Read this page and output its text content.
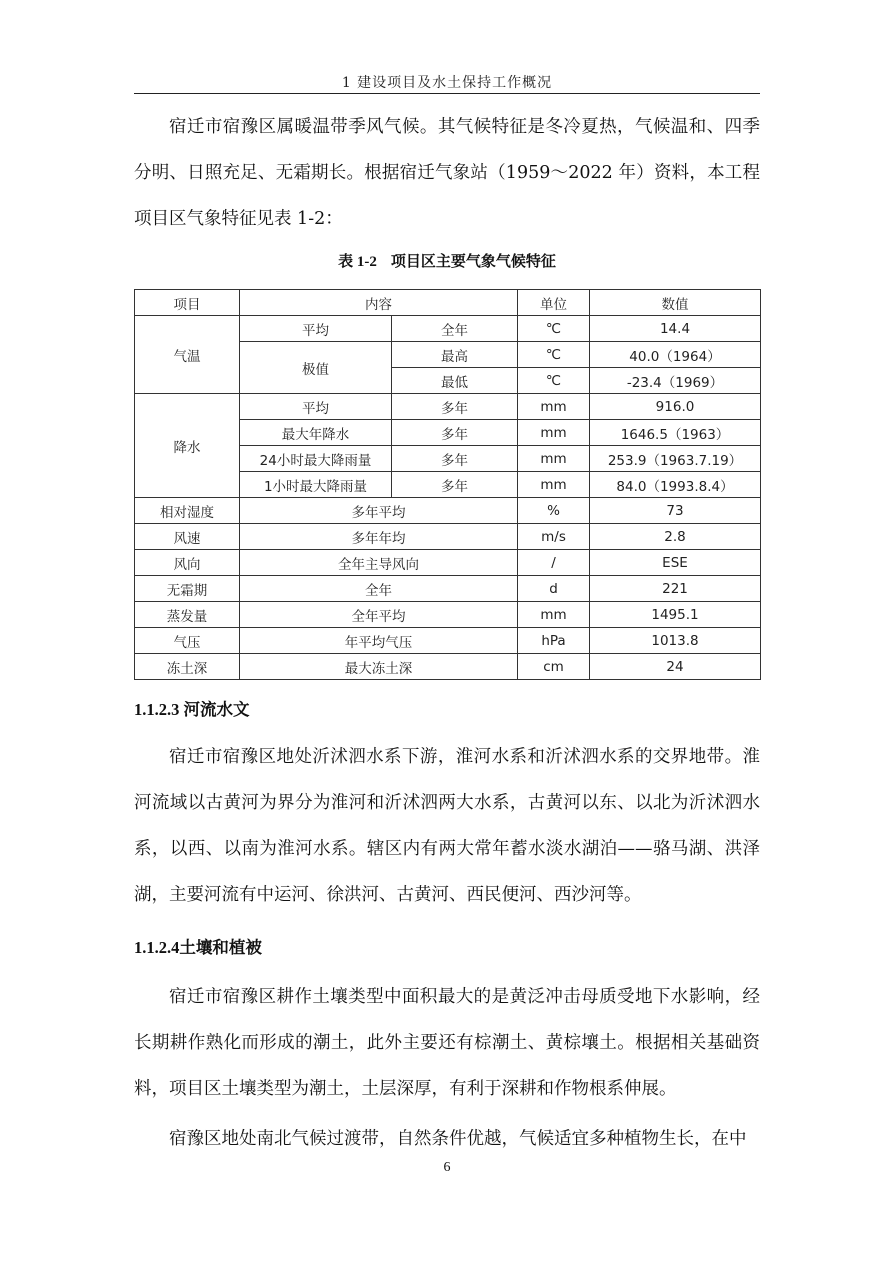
1 建设项目及水土保持工作概况

宿迁市宿豫区属暖温带季风气候。其气候特征是冬冷夏热，气候温和、四季分明、日照充足、无霜期长。根据宿迁气象站（1959～2022 年）资料，本工程项目区气象特征见表 1-2：

表 1-2 项目区主要气象气候特征
项目	内容		单位	数值
气温	平均	全年	℃	14.4
	极值	最高	℃	40.0（1964）
		最低	℃	-23.4（1969）
降水	平均	多年	mm	916.0
	最大年降水	多年	mm	1646.5（1963）
	24小时最大降雨量	多年	mm	253.9（1963.7.19）
	1小时最大降雨量	多年	mm	84.0（1993.8.4）
相对湿度	多年平均		%	73
风速	多年年均		m/s	2.8
风向	全年主导风向		/	ESE
无霜期	全年		d	221
蒸发量	全年平均		mm	1495.1
气压	年平均气压		hPa	1013.8
冻土深	最大冻土深		cm	24
1.1.2.3 河流水文

宿迁市宿豫区地处沂沭泗水系下游，淮河水系和沂沭泗水系的交界地带。淮河流域以古黄河为界分为淮河和沂沭泗两大水系，古黄河以东、以北为沂沭泗水系，以西、以南为淮河水系。辖区内有两大常年蓄水淡水湖泊——骆马湖、洪泽湖，主要河流有中运河、徐洪河、古黄河、西民便河、西沙河等。

1.1.2.4土壤和植被

宿迁市宿豫区耕作土壤类型中面积最大的是黄泛冲击母质受地下水影响，经长期耕作熟化而形成的潮土，此外主要还有棕潮土、黄棕壤土。根据相关基础资料，项目区土壤类型为潮土，土层深厚，有利于深耕和作物根系伸展。

宿豫区地处南北气候过渡带，自然条件优越，气候适宜多种植物生长，在中

6
